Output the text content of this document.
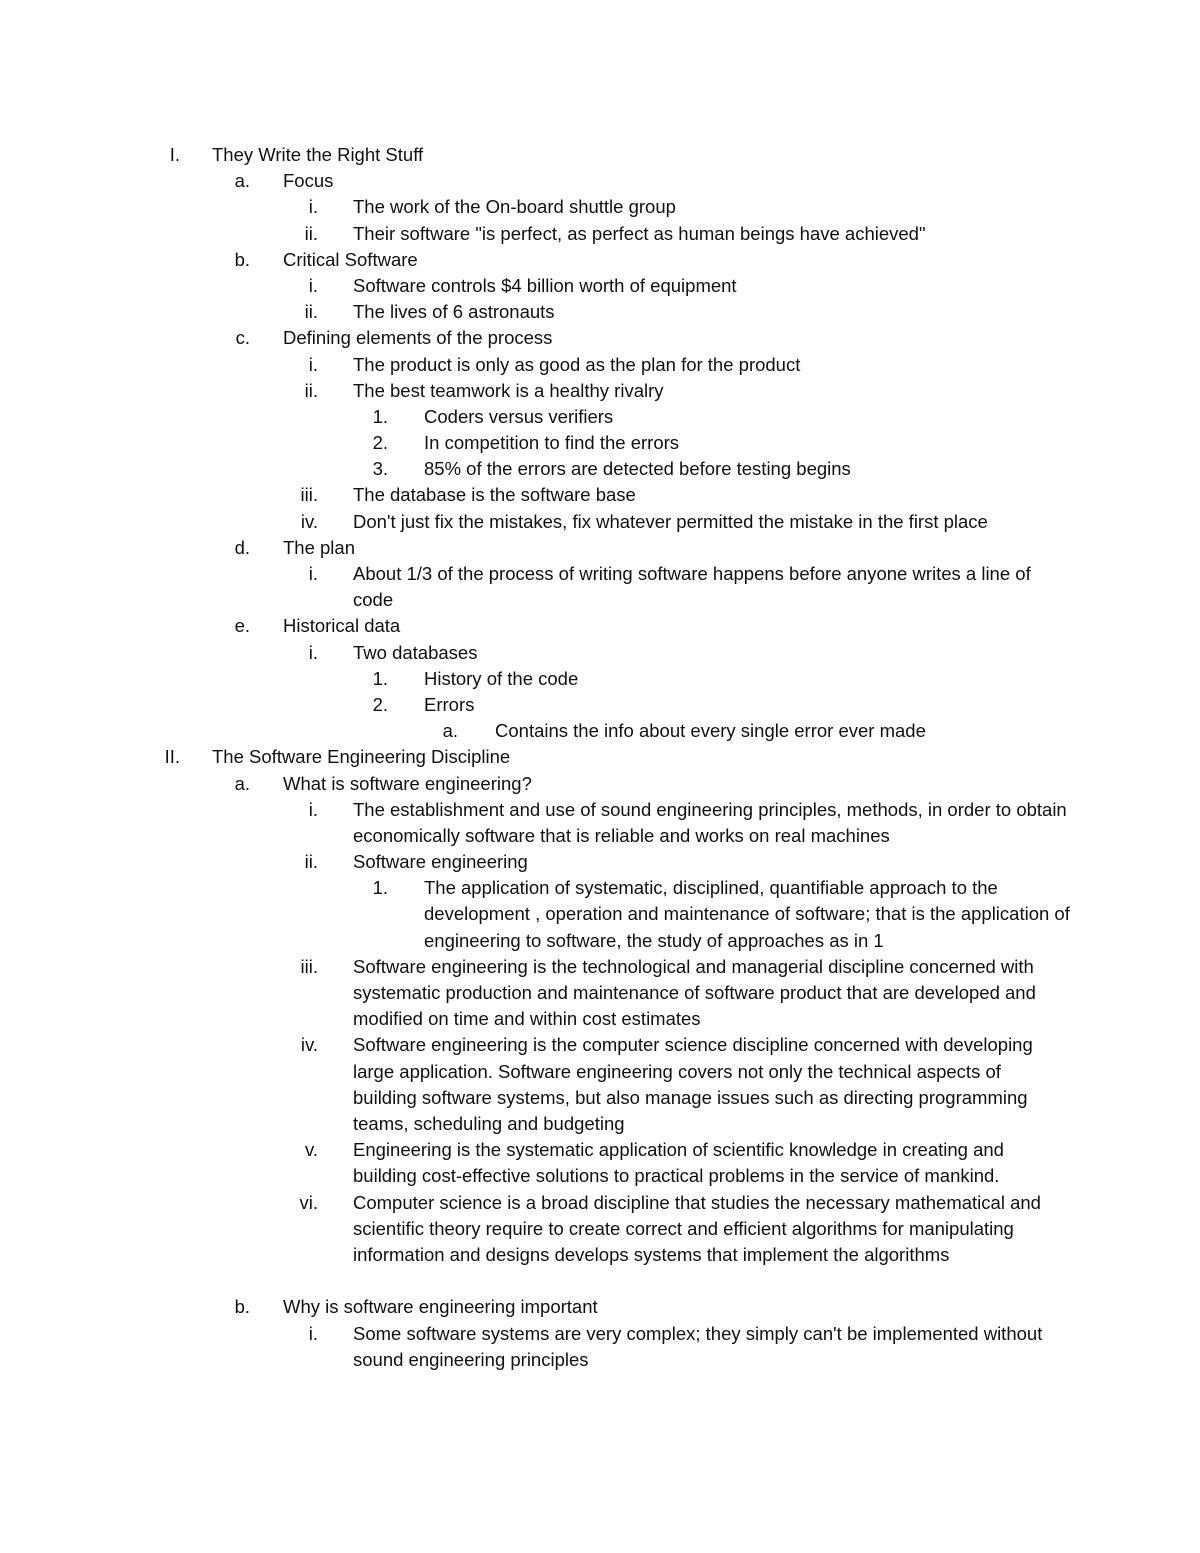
I. They Write the Right Stuff
a. Focus
i. The work of the On-board shuttle group
ii. Their software "is perfect, as perfect as human beings have achieved"
b. Critical Software
i. Software controls $4 billion worth of equipment
ii. The lives of 6 astronauts
c. Defining elements of the process
i. The product is only as good as the plan for the product
ii. The best teamwork is a healthy rivalry
1. Coders versus verifiers
2. In competition to find the errors
3. 85% of the errors are detected before testing begins
iii. The database is the software base
iv. Don't just fix the mistakes, fix whatever permitted the mistake in the first place
d. The plan
i. About 1/3 of the process of writing software happens before anyone writes a line of code
e. Historical data
i. Two databases
1. History of the code
2. Errors
a. Contains the info about every single error ever made
II. The Software Engineering Discipline
a. What is software engineering?
i. The establishment and use of sound engineering principles, methods, in order to obtain economically software that is reliable and works on real machines
ii. Software engineering
1. The application of systematic, disciplined, quantifiable approach to the development , operation and maintenance of software; that is the application of engineering to software, the study of approaches as in 1
iii. Software engineering is the technological and managerial discipline concerned with systematic production and maintenance of software product that are developed and modified on time and within cost estimates
iv. Software engineering is the computer science discipline concerned with developing large application. Software engineering covers not only the technical aspects of building software systems, but also manage issues such as directing programming teams, scheduling and budgeting
v. Engineering is the systematic application of scientific knowledge in creating and building cost-effective solutions to practical problems in the service of mankind.
vi. Computer science is a broad discipline that studies the necessary mathematical and scientific theory require to create correct and efficient algorithms for manipulating information and designs develops systems that implement the algorithms
b. Why is software engineering important
i. Some software systems are very complex; they simply can't be implemented without sound engineering principles
